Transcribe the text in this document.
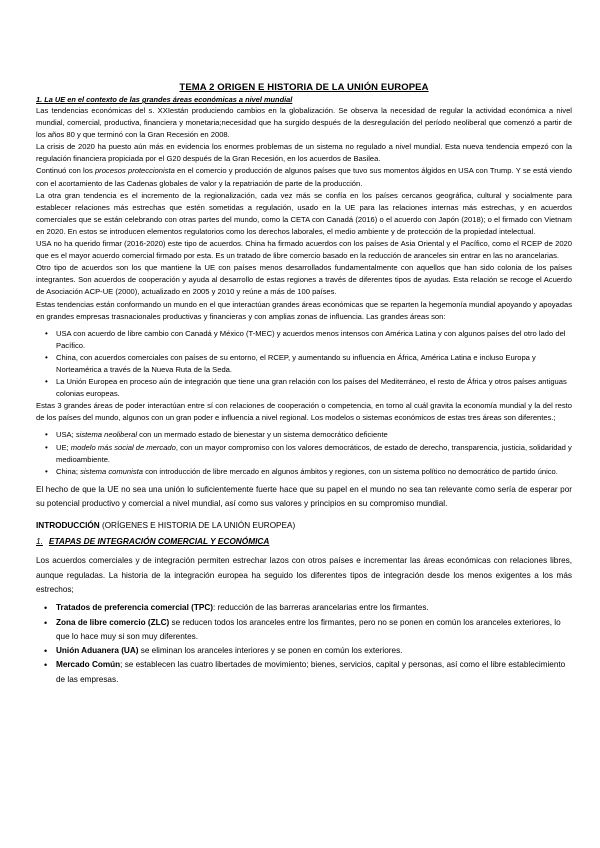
TEMA 2 ORIGEN E HISTORIA DE LA UNIÓN EUROPEA
1. La UE en el contexto de las grandes áreas económicas a nivel mundial

Las tendencias económicas del s. XXIestán produciendo cambios en la globalización. Se observa la necesidad de regular la actividad económica a nivel mundial, comercial, productiva, financiera y monetaria;necesidad que ha surgido después de la desregulación del período neoliberal que comenzó a partir de los años 80 y que terminó con la Gran Recesión en 2008.

La crisis de 2020 ha puesto aún más en evidencia los enormes problemas de un sistema no regulado a nivel mundial. Esta nueva tendencia empezó con la regulación financiera propiciada por el G20 después de la Gran Recesión, en los acuerdos de Basilea.

Continuó con los procesos proteccionista en el comercio y producción de algunos países que tuvo sus momentos álgidos en USA con Trump. Y se está viendo con el acortamiento de las Cadenas globales de valor y la repatriación de parte de la producción.

La otra gran tendencia es el incremento de la regionalización, cada vez más se confía en los países cercanos geográfica, cultural y socialmente para establecer relaciones más estrechas que estén sometidas a regulación, usado en la UE para las relaciones internas más estrechas, y en acuerdos comerciales que se están celebrando con otras partes del mundo, como la CETA con Canadá (2016) o el acuerdo con Japón (2018); o el firmado con Vietnam en 2020. En estos se introducen elementos regulatorios como los derechos laborales, el medio ambiente y de protección de la propiedad intelectual.

USA no ha querido firmar (2016-2020) este tipo de acuerdos. China ha firmado acuerdos con los países de Asia Oriental y el Pacífico, como el RCEP de 2020 que es el mayor acuerdo comercial firmado por esta. Es un tratado de libre comercio basado en la reducción de aranceles sin entrar en las no arancelarias.

Otro tipo de acuerdos son los que mantiene la UE con países menos desarrollados fundamentalmente con aquellos que han sido colonia de los países integrantes. Son acuerdos de cooperación y ayuda al desarrollo de estas regiones a través de diferentes tipos de ayudas. Esta relación se recoge el Acuerdo de Asociación ACP-UE (2000), actualizado en 2005 y 2010 y reúne a más de 100 países.

Estas tendencias están conformando un mundo en el que interactúan grandes áreas económicas que se reparten la hegemonía mundial apoyando y apoyadas en grandes empresas trasnacionales productivas y financieras y con amplias zonas de influencia. Las grandes áreas son:

• USA con acuerdo de libre cambio con Canadá y México (T-MEC) y acuerdos menos intensos con América Latina y con algunos países del otro lado del Pacífico.
• China, con acuerdos comerciales con países de su entorno, el RCEP, y aumentando su influencia en África, América Latina e incluso Europa y Norteamérica a través de la Nueva Ruta de la Seda.
• La Unión Europea en proceso aún de integración que tiene una gran relación con los países del Mediterráneo, el resto de África y otros países antiguas colonias europeas.

Estas 3 grandes áreas de poder interactúan entre sí con relaciones de cooperación o competencia, en torno al cuál gravita la economía mundial y la del resto de los países del mundo, algunos con un gran poder e influencia a nivel regional. Los modelos o sistemas económicos de estas tres áreas son diferentes.;

• USA; sistema neoliberal con un mermado estado de bienestar y un sistema democrático deficiente
• UE; modelo más social de mercado, con un mayor compromiso con los valores democráticos, de estado de derecho, transparencia, justicia, solidaridad y medioambiente.
• China; sistema comunista con introducción de libre mercado en algunos ámbitos y regiones, con un sistema político no democrático de partido único.

El hecho de que la UE no sea una unión lo suficientemente fuerte hace que su papel en el mundo no sea tan relevante como sería de esperar por su potencial productivo y comercial a nivel mundial, así como sus valores y principios en su compromiso mundial.

INTRODUCCIÓN (ORÍGENES E HISTORIA DE LA UNIÓN EUROPEA)
1. ETAPAS DE INTEGRACIÓN COMERCIAL Y ECONÓMICA

Los acuerdos comerciales y de integración permiten estrechar lazos con otros países e incrementar las áreas económicas con relaciones libres, aunque reguladas. La historia de la integración europea ha seguido los diferentes tipos de integración desde los menos exigentes a los más estrechos;

• Tratados de preferencia comercial (TPC): reducción de las barreras arancelarias entre los firmantes.
• Zona de libre comercio (ZLC) se reducen todos los aranceles entre los firmantes, pero no se ponen en común los aranceles exteriores, lo que lo hace muy si son muy diferentes.
• Unión Aduanera (UA) se eliminan los aranceles interiores y se ponen en común los exteriores.
• Mercado Común; se establecen las cuatro libertades de movimiento; bienes, servicios, capital y personas, así como el libre establecimiento de las empresas.
